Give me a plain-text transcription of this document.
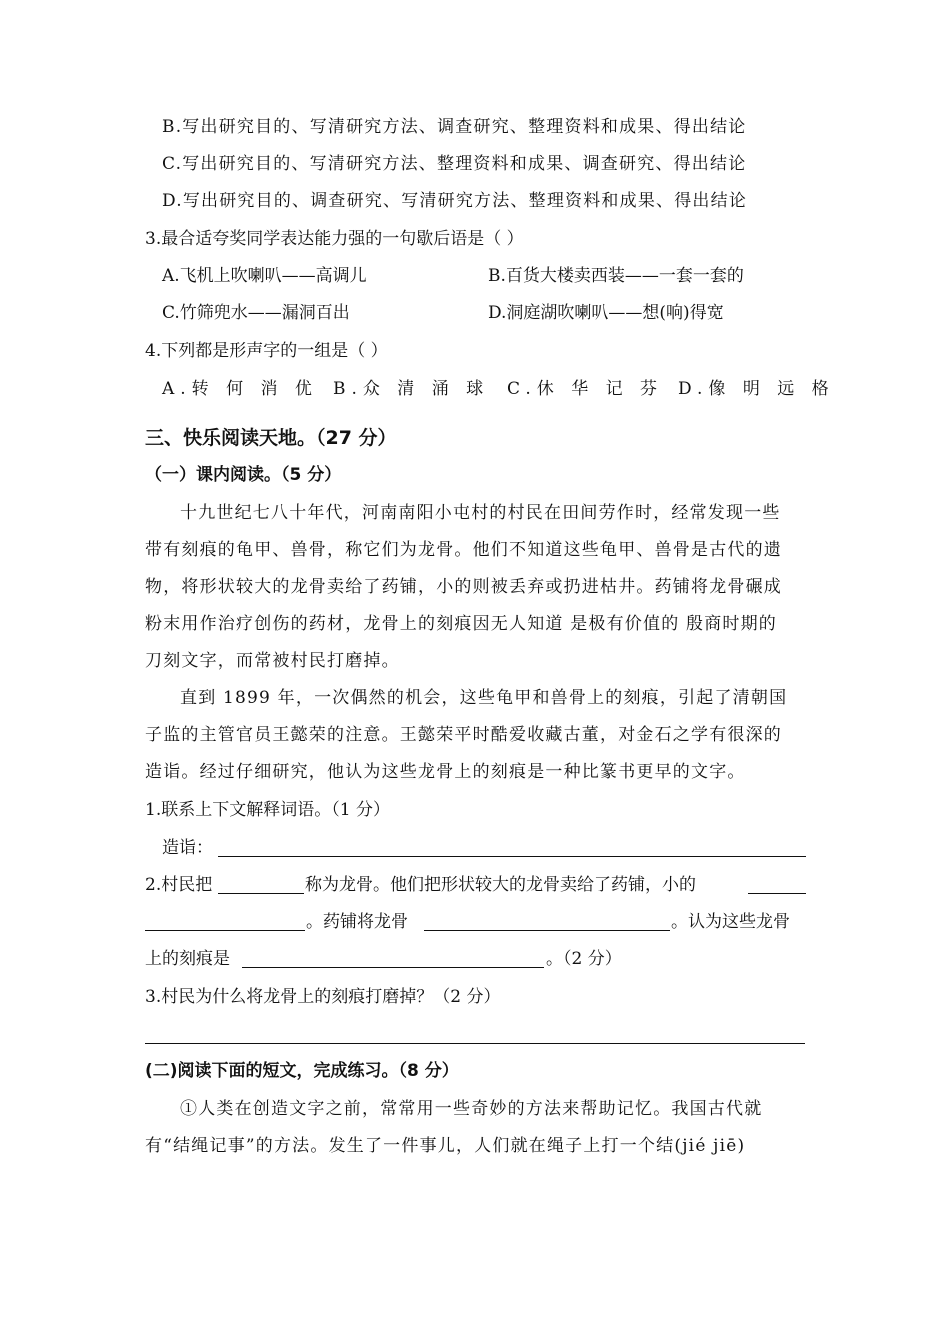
B.写出研究目的、写清研究方法、调查研究、整理资料和成果、得出结论
C.写出研究目的、写清研究方法、整理资料和成果、调查研究、得出结论
D.写出研究目的、调查研究、写清研究方法、整理资料和成果、得出结论
3.最合适夸奖同学表达能力强的一句歇后语是（ ）
A.飞机上吹喇叭——高调儿	B.百货大楼卖西装——一套一套的
C.竹筛兜水——漏洞百出	D.洞庭湖吹喇叭——想(响)得宽
4.下列都是形声字的一组是（ ）
A.转 何 消 优 B.众 清 涌 球 C.休 华 记 芬 D.像 明 远 格
三、快乐阅读天地。（27 分）
（一）课内阅读。（5 分）
十九世纪七八十年代，河南南阳小屯村的村民在田间劳作时，经常发现一些
带有刻痕的龟甲、兽骨，称它们为龙骨。他们不知道这些龟甲、兽骨是古代的遗
物，将形状较大的龙骨卖给了药铺，小的则被丢弃或扔进枯井。药铺将龙骨碾成
粉末用作治疗创伤的药材，龙骨上的刻痕因无人知道 是极有价值的 殷商时期的
刀刻文字，而常被村民打磨掉。
直到 1899 年，一次偶然的机会，这些龟甲和兽骨上的刻痕，引起了清朝国
子监的主管官员王懿荣的注意。王懿荣平时酷爱收藏古董，对金石之学有很深的
造诣。经过仔细研究，他认为这些龙骨上的刻痕是一种比篆书更早的文字。
1.联系上下文解释词语。（1 分）
造诣：
2.村民把	称为龙骨。他们把形状较大的龙骨卖给了药铺，小的
。药铺将龙骨	。认为这些龙骨
上的刻痕是	。（2 分）
3.村民为什么将龙骨上的刻痕打磨掉？（2 分）
(二)阅读下面的短文，完成练习。（8 分）
①人类在创造文字之前，常常用一些奇妙的方法来帮助记忆。我国古代就
有“结绳记事”的方法。发生了一件事儿，人们就在绳子上打一个结(jié jiē)
